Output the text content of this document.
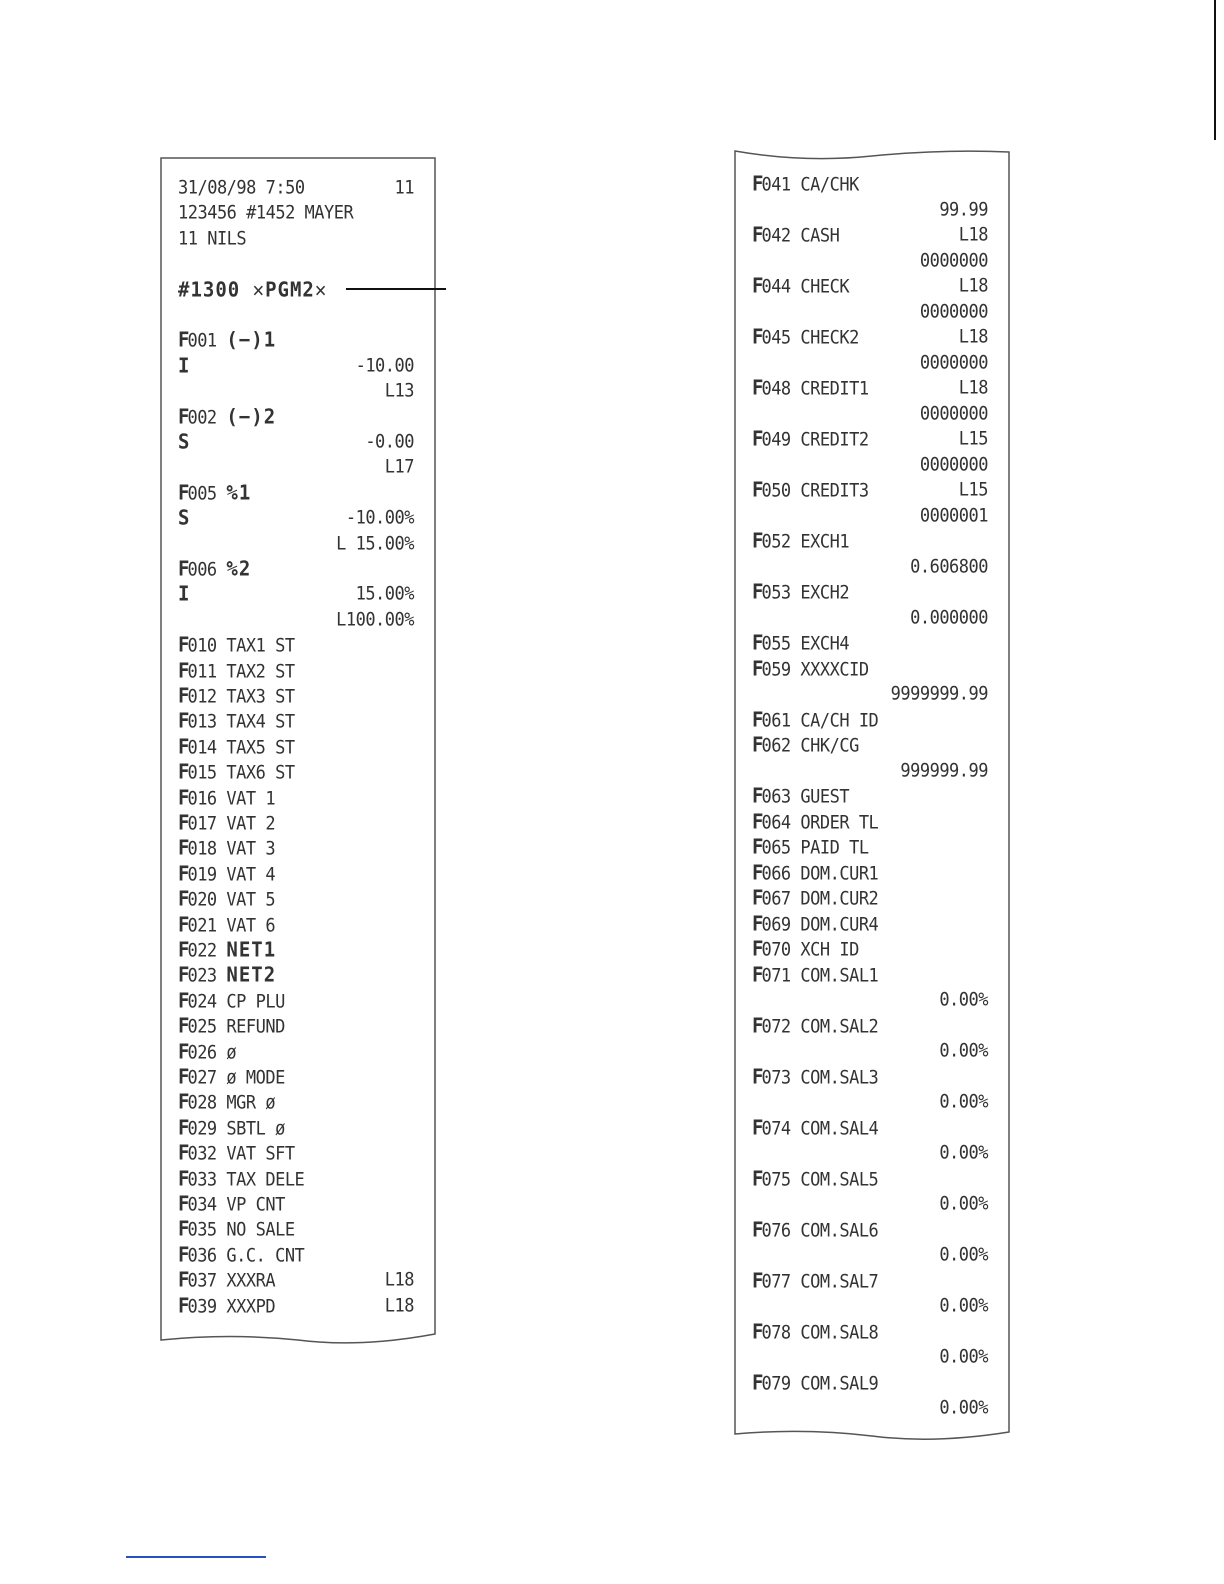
31/08/98 7:50	11
123456 #1452 MAYER
11 NILS
#1300 ✕PGM2✕
F001 (−)1
I	-10.00
L13
F002 (−)2
S	-0.00
L17
F005 %1
S	-10.00%
L 15.00%
F006 %2
I	15.00%
L100.00%
F010 TAX1 ST
F011 TAX2 ST
F012 TAX3 ST
F013 TAX4 ST
F014 TAX5 ST
F015 TAX6 ST
F016 VAT 1
F017 VAT 2
F018 VAT 3
F019 VAT 4
F020 VAT 5
F021 VAT 6
F022 NET1
F023 NET2
F024 CP PLU
F025 REFUND
F026 ø
F027 ø MODE
F028 MGR ø
F029 SBTL ø
F032 VAT SFT
F033 TAX DELE
F034 VP CNT
F035 NO SALE
F036 G.C. CNT
F037 XXXRA	L18
F039 XXXPD	L18
F041 CA/CHK
99.99
F042 CASH	L18
0000000
F044 CHECK	L18
0000000
F045 CHECK2	L18
0000000
F048 CREDIT1	L18
0000000
F049 CREDIT2	L15
0000000
F050 CREDIT3	L15
0000001
F052 EXCH1
0.606800
F053 EXCH2
0.000000
F055 EXCH4
F059 XXXXCID
9999999.99
F061 CA/CH ID
F062 CHK/CG
999999.99
F063 GUEST
F064 ORDER TL
F065 PAID TL
F066 DOM.CUR1
F067 DOM.CUR2
F069 DOM.CUR4
F070 XCH ID
F071 COM.SAL1
0.00%
F072 COM.SAL2
0.00%
F073 COM.SAL3
0.00%
F074 COM.SAL4
0.00%
F075 COM.SAL5
0.00%
F076 COM.SAL6
0.00%
F077 COM.SAL7
0.00%
F078 COM.SAL8
0.00%
F079 COM.SAL9
0.00%
